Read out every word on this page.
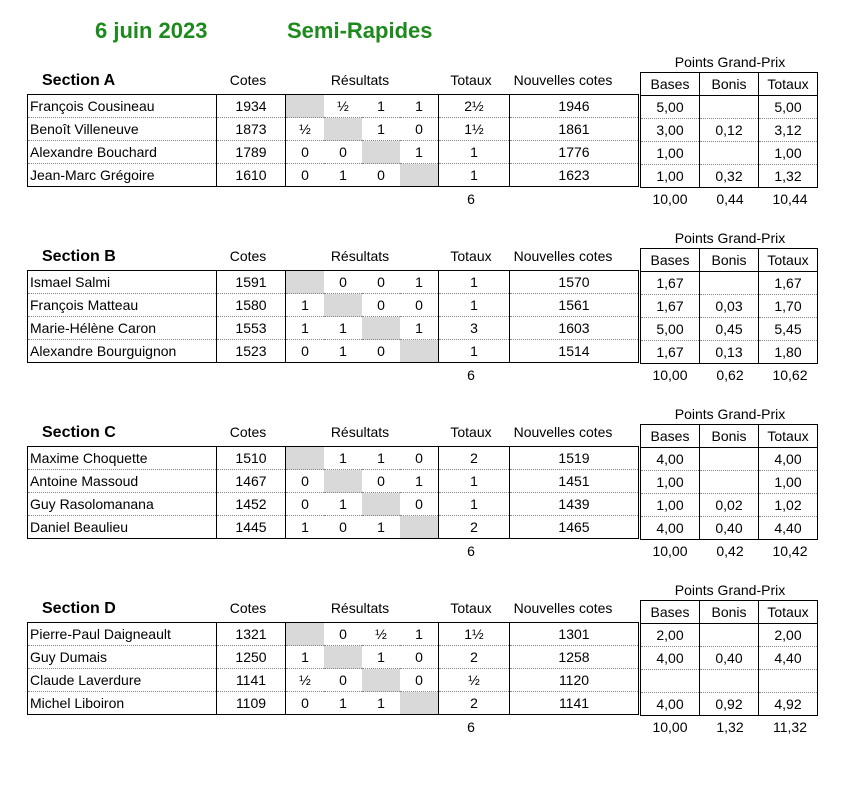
6 juin 2023	Semi-Rapides
Section A	Cotes	Résultats	Totaux	Nouvelles cotes
Points Grand-Prix
François Cousineau	1934		½	1	1	2½	1946
Benoît Villeneuve	1873	½		1	0	1½	1861
Alexandre Bouchard	1789	0	0		1	1	1776
Jean-Marc Grégoire	1610	0	1	0		1	1623
6
Bases	Bonis	Totaux
5,00		5,00
3,00	0,12	3,12
1,00		1,00
1,00	0,32	1,32
10,00	0,44	10,44
Section B	Cotes	Résultats	Totaux	Nouvelles cotes
Points Grand-Prix
Ismael Salmi	1591		0	0	1	1	1570
François Matteau	1580	1		0	0	1	1561
Marie-Hélène Caron	1553	1	1		1	3	1603
Alexandre Bourguignon	1523	0	1	0		1	1514
6
Bases	Bonis	Totaux
1,67		1,67
1,67	0,03	1,70
5,00	0,45	5,45
1,67	0,13	1,80
10,00	0,62	10,62
Section C	Cotes	Résultats	Totaux	Nouvelles cotes
Points Grand-Prix
Maxime Choquette	1510		1	1	0	2	1519
Antoine Massoud	1467	0		0	1	1	1451
Guy Rasolomanana	1452	0	1		0	1	1439
Daniel Beaulieu	1445	1	0	1		2	1465
6
Bases	Bonis	Totaux
4,00		4,00
1,00		1,00
1,00	0,02	1,02
4,00	0,40	4,40
10,00	0,42	10,42
Section D	Cotes	Résultats	Totaux	Nouvelles cotes
Points Grand-Prix
Pierre-Paul Daigneault	1321		0	½	1	1½	1301
Guy Dumais	1250	1		1	0	2	1258
Claude Laverdure	1141	½	0		0	½	1120
Michel Liboiron	1109	0	1	1		2	1141
6
Bases	Bonis	Totaux
2,00		2,00
4,00	0,40	4,40

4,00	0,92	4,92
10,00	1,32	11,32
